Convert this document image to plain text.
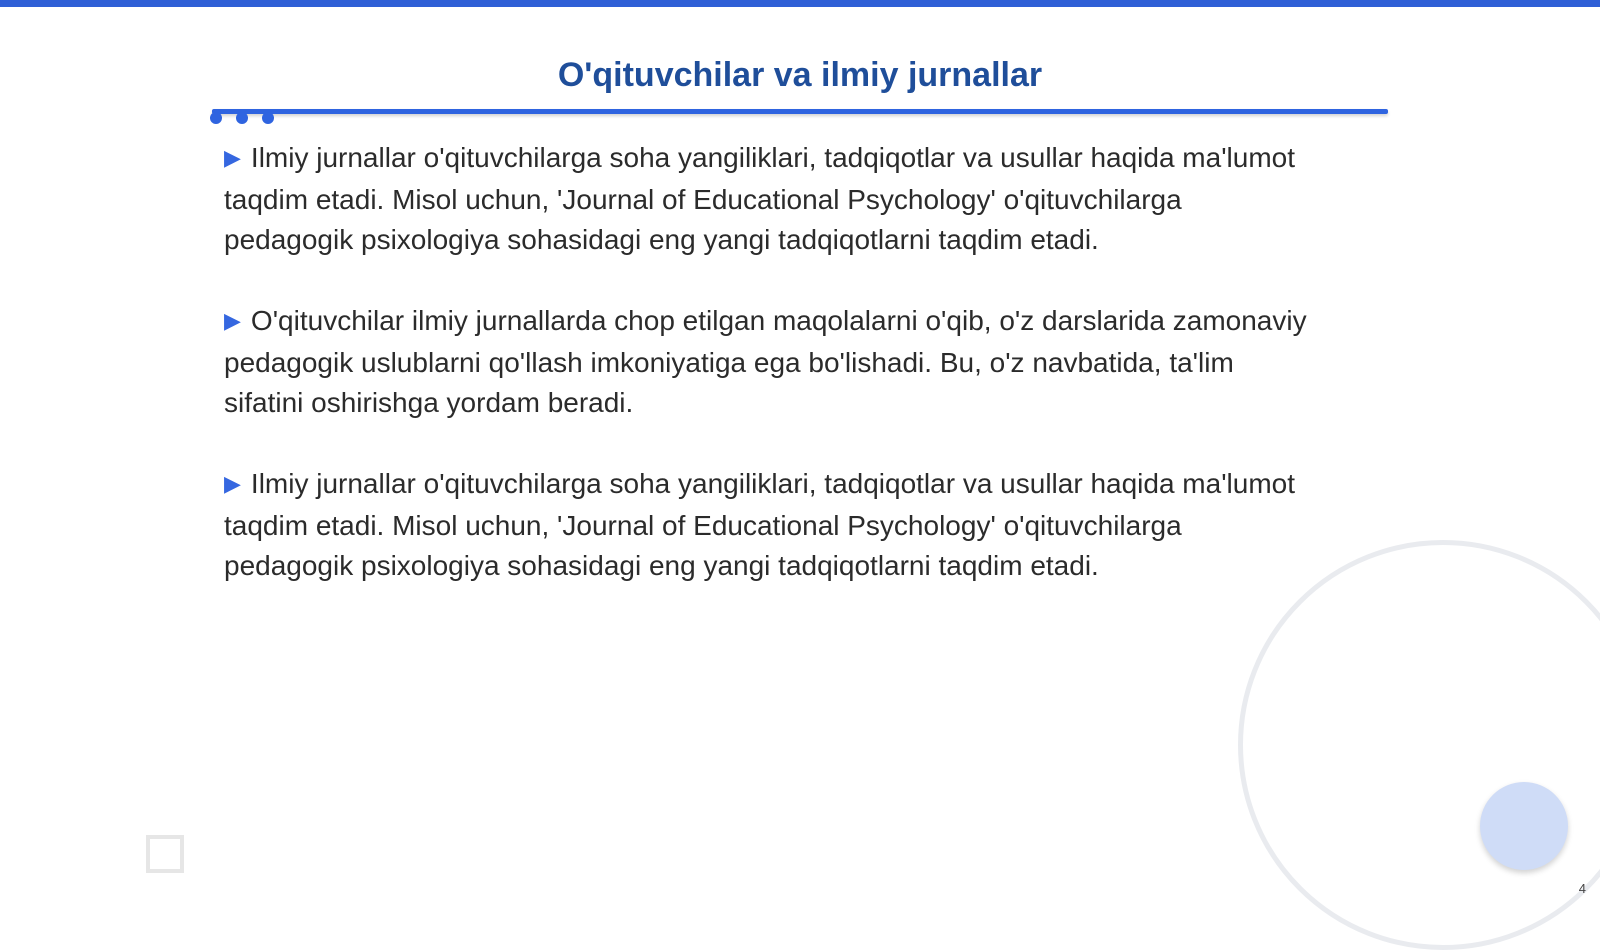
O'qituvchilar va ilmiy jurnallar

▶ Ilmiy jurnallar o'qituvchilarga soha yangiliklari, tadqiqotlar va usullar haqida ma'lumot taqdim etadi. Misol uchun, 'Journal of Educational Psychology' o'qituvchilarga pedagogik psixologiya sohasidagi eng yangi tadqiqotlarni taqdim etadi.

▶ O'qituvchilar ilmiy jurnallarda chop etilgan maqolalarni o'qib, o'z darslarida zamonaviy pedagogik uslublarni qo'llash imkoniyatiga ega bo'lishadi. Bu, o'z navbatida, ta'lim sifatini oshirishga yordam beradi.

▶ Ilmiy jurnallar o'qituvchilarga soha yangiliklari, tadqiqotlar va usullar haqida ma'lumot taqdim etadi. Misol uchun, 'Journal of Educational Psychology' o'qituvchilarga pedagogik psixologiya sohasidagi eng yangi tadqiqotlarni taqdim etadi.

4
